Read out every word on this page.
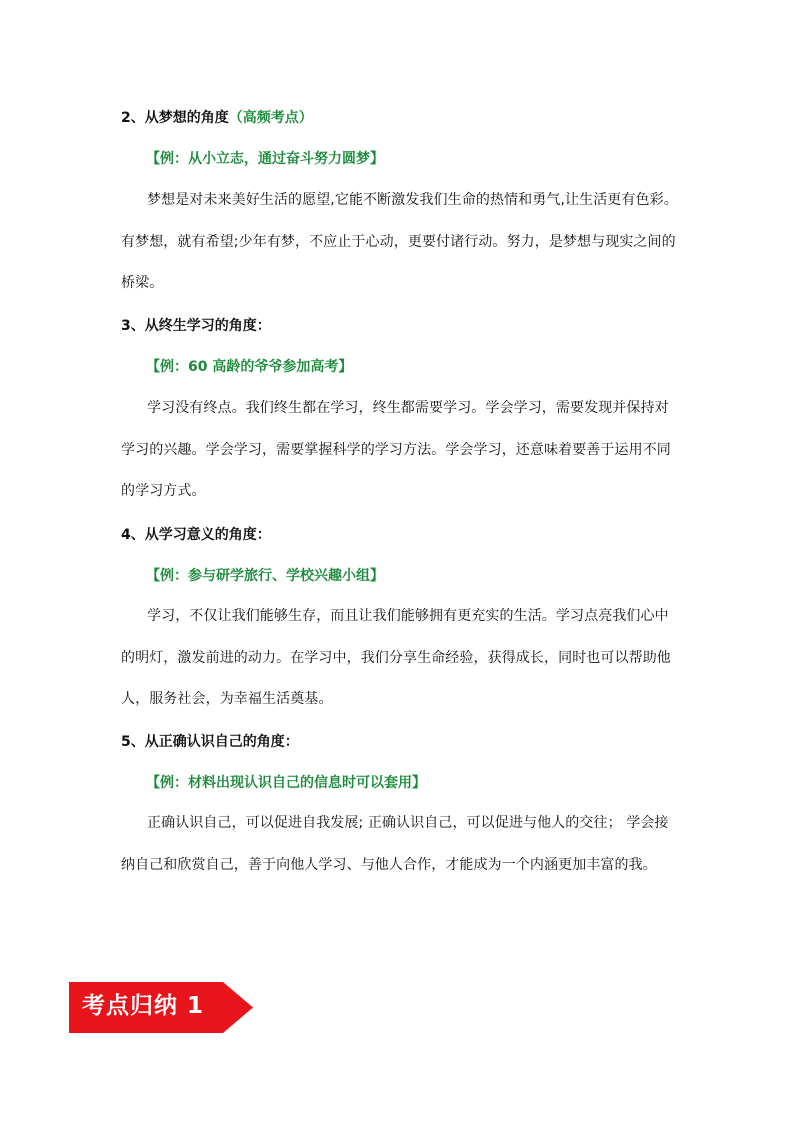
2、从梦想的角度（高频考点）
【例：从小立志，通过奋斗努力圆梦】

梦想是对未来美好生活的愿望,它能不断激发我们生命的热情和勇气,让生活更有色彩。有梦想，就有希望;少年有梦，不应止于心动，更要付诸行动。努力，是梦想与现实之间的桥梁。

3、从终生学习的角度：
【例：60 高龄的爷爷参加高考】

学习没有终点。我们终生都在学习，终生都需要学习。学会学习，需要发现并保持对学习的兴趣。学会学习，需要掌握科学的学习方法。学会学习，还意味着要善于运用不同的学习方式。

4、从学习意义的角度：
【例：参与研学旅行、学校兴趣小组】

学习，不仅让我们能够生存，而且让我们能够拥有更充实的生活。学习点亮我们心中的明灯，激发前进的动力。在学习中，我们分享生命经验，获得成长，同时也可以帮助他人，服务社会，为幸福生活奠基。

5、从正确认识自己的角度：
【例：材料出现认识自己的信息时可以套用】

正确认识自己，可以促进自我发展; 正确认识自己，可以促进与他人的交往； 学会接纳自己和欣赏自己，善于向他人学习、与他人合作，才能成为一个内涵更加丰富的我。

考点归纳 1
